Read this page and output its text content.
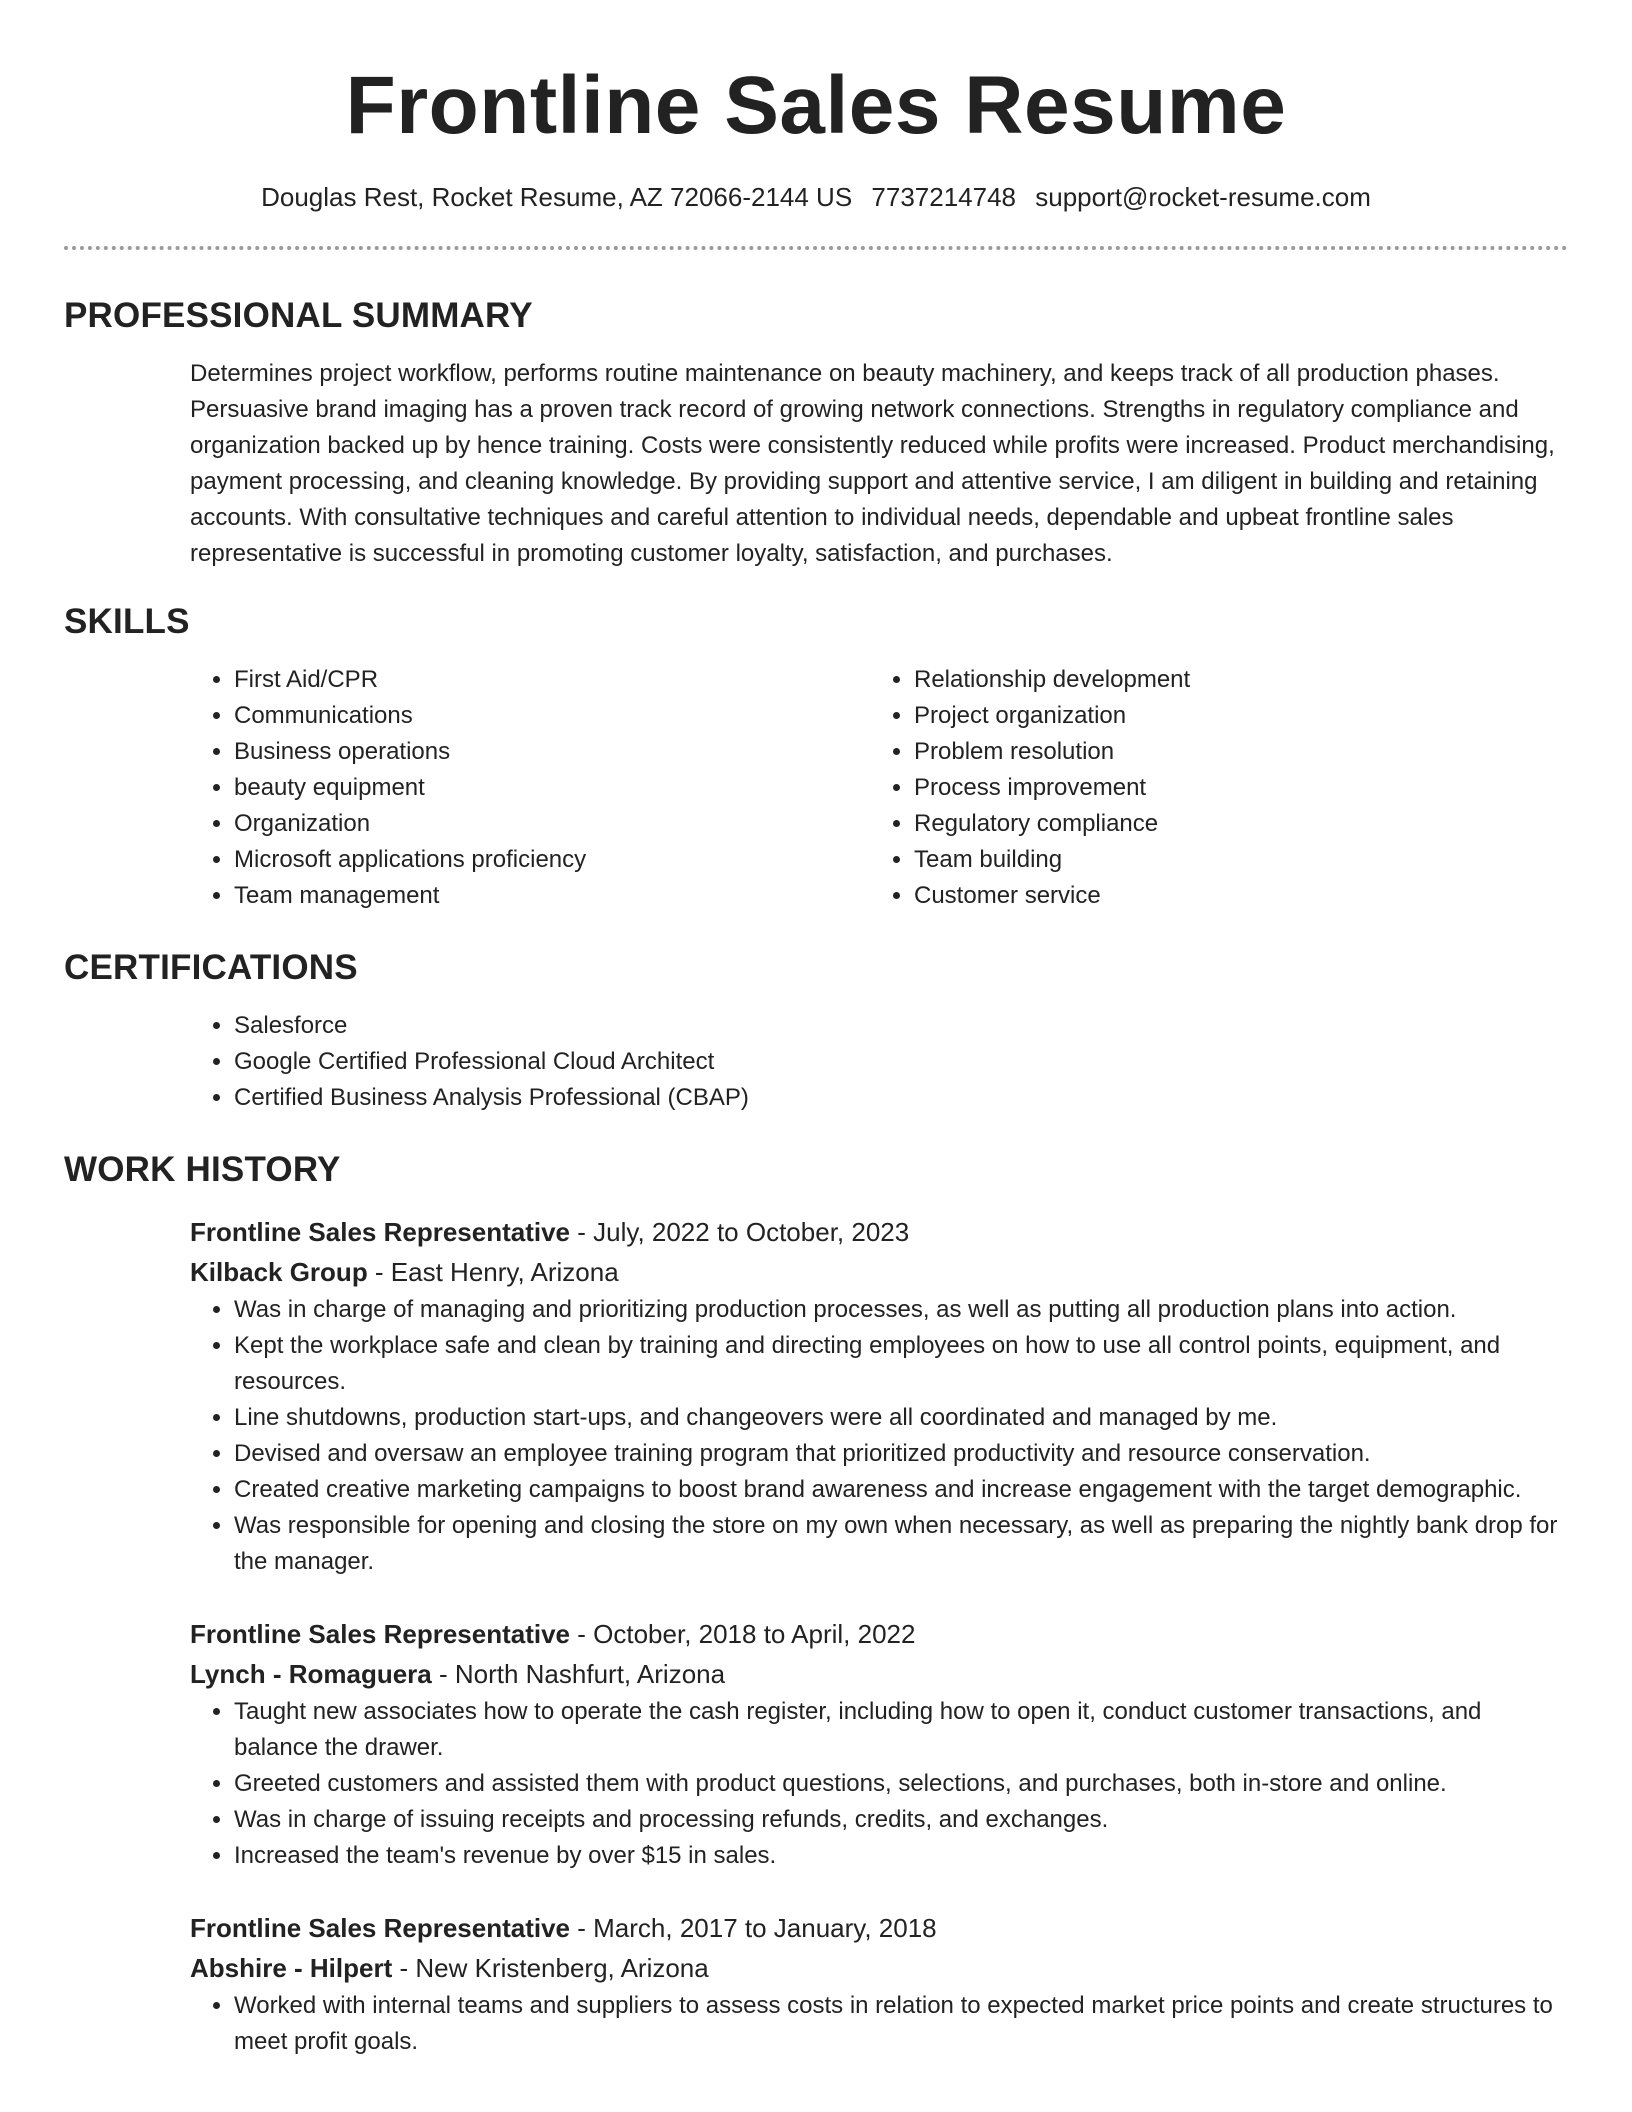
Frontline Sales Resume
Douglas Rest, Rocket Resume, AZ 72066-2144 US 7737214748 support@rocket-resume.com
PROFESSIONAL SUMMARY

Determines project workflow, performs routine maintenance on beauty machinery, and keeps track of all production phases. Persuasive brand imaging has a proven track record of growing network connections. Strengths in regulatory compliance and organization backed up by hence training. Costs were consistently reduced while profits were increased. Product merchandising, payment processing, and cleaning knowledge. By providing support and attentive service, I am diligent in building and retaining accounts. With consultative techniques and careful attention to individual needs, dependable and upbeat frontline sales representative is successful in promoting customer loyalty, satisfaction, and purchases.

SKILLS
• First Aid/CPR
• Communications
• Business operations
• beauty equipment
• Organization
• Microsoft applications proficiency
• Team management
• Relationship development
• Project organization
• Problem resolution
• Process improvement
• Regulatory compliance
• Team building
• Customer service
CERTIFICATIONS
• Salesforce
• Google Certified Professional Cloud Architect
• Certified Business Analysis Professional (CBAP)
WORK HISTORY
Frontline Sales Representative - July, 2022 to October, 2023
Kilback Group - East Henry, Arizona
• Was in charge of managing and prioritizing production processes, as well as putting all production plans into action.
• Kept the workplace safe and clean by training and directing employees on how to use all control points, equipment, and resources.
• Line shutdowns, production start-ups, and changeovers were all coordinated and managed by me.
• Devised and oversaw an employee training program that prioritized productivity and resource conservation.
• Created creative marketing campaigns to boost brand awareness and increase engagement with the target demographic.
• Was responsible for opening and closing the store on my own when necessary, as well as preparing the nightly bank drop for the manager.
Frontline Sales Representative - October, 2018 to April, 2022
Lynch - Romaguera - North Nashfurt, Arizona
• Taught new associates how to operate the cash register, including how to open it, conduct customer transactions, and balance the drawer.
• Greeted customers and assisted them with product questions, selections, and purchases, both in-store and online.
• Was in charge of issuing receipts and processing refunds, credits, and exchanges.
• Increased the team's revenue by over $15 in sales.
Frontline Sales Representative - March, 2017 to January, 2018
Abshire - Hilpert - New Kristenberg, Arizona
• Worked with internal teams and suppliers to assess costs in relation to expected market price points and create structures to meet profit goals.
